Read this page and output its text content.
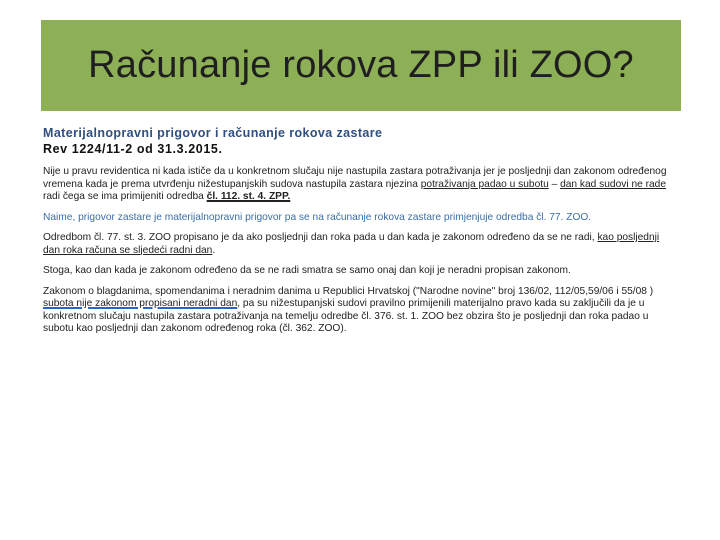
Računanje rokova ZPP ili ZOO?
Materijalnopravni prigovor i računanje rokova zastare
Rev 1224/11-2 od 31.3.2015.

Nije u pravu revidentica ni kada ističe da u konkretnom slučaju nije nastupila zastara potraživanja jer je posljednji dan zakonom određenog vremena kada je prema utvrđenju nižestupanjskih sudova nastupila zastara njezina potraživanja padao u subotu – dan kad sudovi ne rade radi čega se ima primijeniti odredba čl. 112. st. 4. ZPP.

Naime, prigovor zastare je materijalnopravni prigovor pa se na računanje rokova zastare primjenjuje odredba čl. 77. ZOO.

Odredbom čl. 77. st. 3. ZOO propisano je da ako posljednji dan roka pada u dan kada je zakonom određeno da se ne radi, kao posljednji dan roka računa se sljedeći radni dan.

Stoga, kao dan kada je zakonom određeno da se ne radi smatra se samo onaj dan koji je neradni propisan zakonom.

Zakonom o blagdanima, spomendanima i neradnim danima u Republici Hrvatskoj ("Narodne novine" broj 136/02, 112/05,59/06 i 55/08 ) subota nije zakonom propisani neradni dan, pa su nižestupanjski sudovi pravilno primijenili materijalno pravo kada su zaključili da je u konkretnom slučaju nastupila zastara potraživanja na temelju odredbe čl. 376. st. 1. ZOO bez obzira što je posljednji dan roka padao u subotu kao posljednji dan zakonom određenog roka (čl. 362. ZOO).
